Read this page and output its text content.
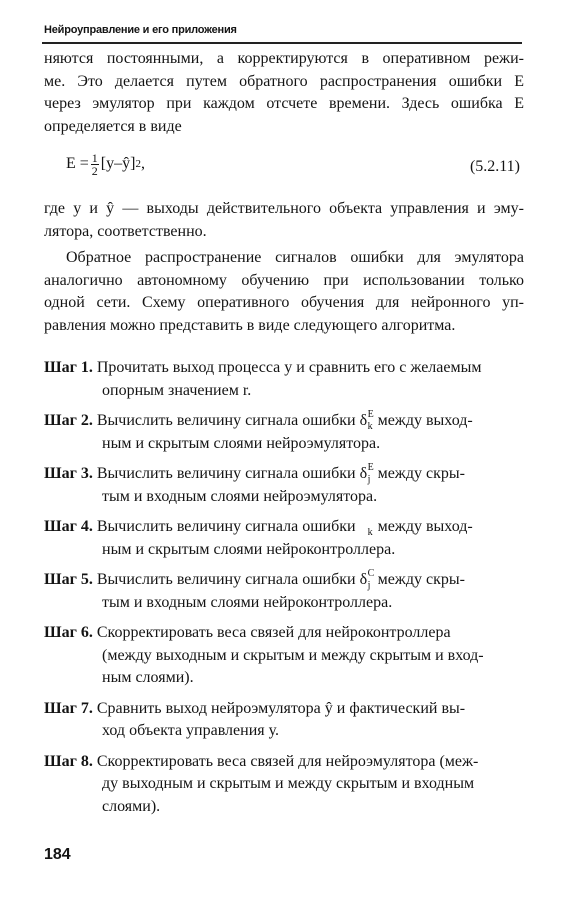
Нейроуправление и его приложения
няются постоянными, а корректируются в оперативном режи-
ме. Это делается путем обратного распространения ошибки Е
через эмулятор при каждом отсчете времени. Здесь ошибка Е
определяется в виде
$E = \frac{1}{2}$ [y–ŷ] 2 ,	(5.2.11)
где у и ŷ — выходы действительного объекта управления и эму-
лятора, соответственно.
Обратное распространение сигналов ошибки для эмулятора
аналогично автономному обучению при использовании только
одной сети. Схему оперативного обучения для нейронного уп-
равления можно представить в виде следующего алгоритма.
Шаг 1. Прочитать выход процесса у и сравнить его с желаемым
опорным значением r.
Шаг 2. Вычислить величину сигнала ошибки δ E
k между выход-
ным и скрытым слоями нейроэмулятора.
Шаг 3. Вычислить величину сигнала ошибки δ E
j между скры-
тым и входным слоями нейроэмулятора.
Шаг 4. Вычислить величину сигнала ошибки k между выход-
ным и скрытым слоями нейроконтроллера.
Шаг 5. Вычислить величину сигнала ошибки δ C
j между скры-
тым и входным слоями нейроконтроллера.
Шаг 6. Скорректировать веса связей для нейроконтроллера
(между выходным и скрытым и между скрытым и вход-
ным слоями).
Шаг 7. Сравнить выход нейроэмулятора ŷ и фактический вы-
ход объекта управления у.
Шаг 8. Скорректировать веса связей для нейроэмулятора (меж-
ду выходным и скрытым и между скрытым и входным
слоями).
184
